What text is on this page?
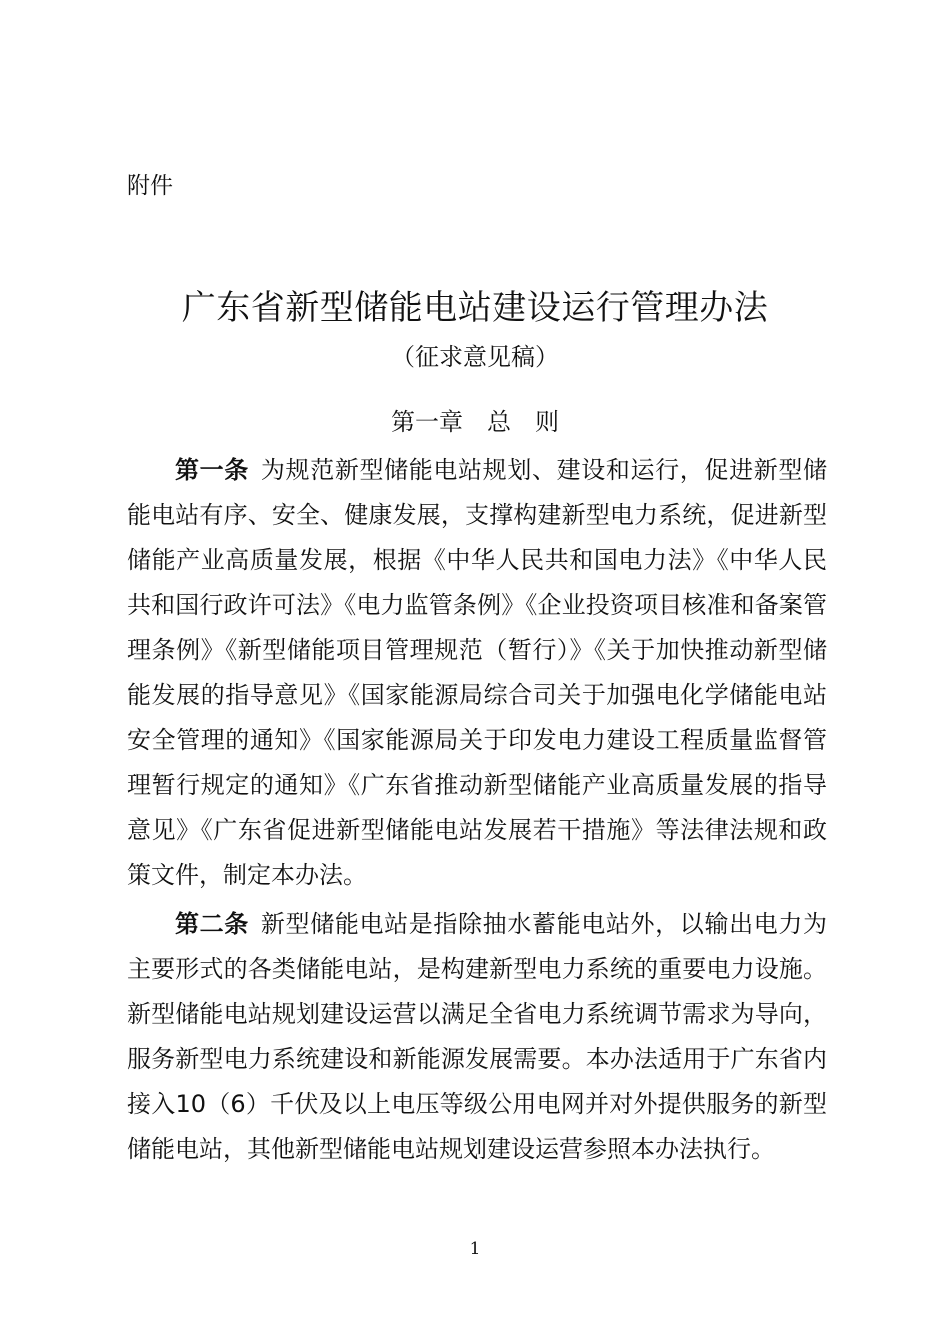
附件

广东省新型储能电站建设运行管理办法

（征求意见稿）

第一章　总　则

第一条 为规范新型储能电站规划、建设和运行，促进新型储能电站有序、安全、健康发展，支撑构建新型电力系统，促进新型储能产业高质量发展，根据《中华人民共和国电力法》《中华人民共和国行政许可法》《电力监管条例》《企业投资项目核准和备案管理条例》《新型储能项目管理规范（暂行）》《关于加快推动新型储能发展的指导意见》《国家能源局综合司关于加强电化学储能电站安全管理的通知》《国家能源局关于印发电力建设工程质量监督管理暂行规定的通知》《广东省推动新型储能产业高质量发展的指导意见》《广东省促进新型储能电站发展若干措施》等法律法规和政策文件，制定本办法。

第二条 新型储能电站是指除抽水蓄能电站外，以输出电力为主要形式的各类储能电站，是构建新型电力系统的重要电力设施。新型储能电站规划建设运营以满足全省电力系统调节需求为导向，服务新型电力系统建设和新能源发展需要。本办法适用于广东省内接入10（6）千伏及以上电压等级公用电网并对外提供服务的新型储能电站，其他新型储能电站规划建设运营参照本办法执行。

1
